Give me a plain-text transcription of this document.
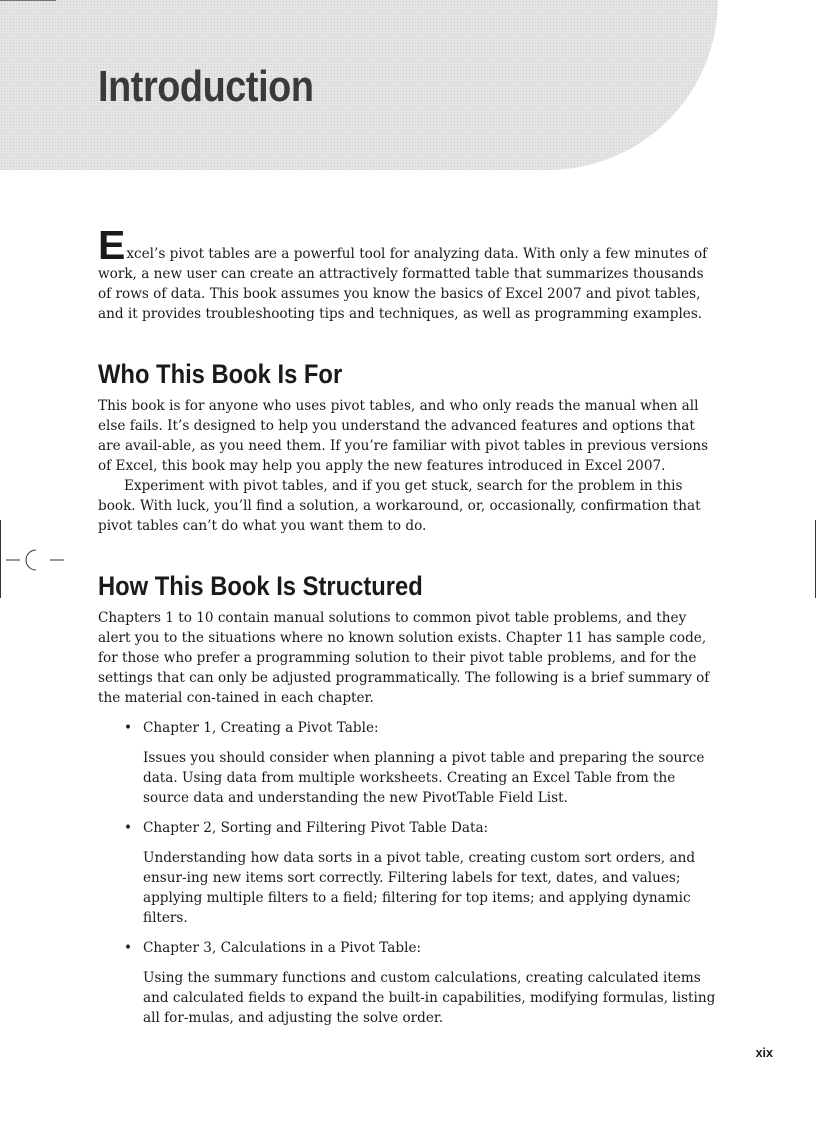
Introduction

Excel’s pivot tables are a powerful tool for analyzing data. With only a few minutes of work, a new user can create an attractively formatted table that summarizes thousands of rows of data. This book assumes you know the basics of Excel 2007 and pivot tables, and it provides troubleshooting tips and techniques, as well as programming examples.

Who This Book Is For

This book is for anyone who uses pivot tables, and who only reads the manual when all else fails. It’s designed to help you understand the advanced features and options that are avail-able, as you need them. If you’re familiar with pivot tables in previous versions of Excel, this book may help you apply the new features introduced in Excel 2007.

Experiment with pivot tables, and if you get stuck, search for the problem in this book. With luck, you’ll find a solution, a workaround, or, occasionally, confirmation that pivot tables can’t do what you want them to do.

How This Book Is Structured

Chapters 1 to 10 contain manual solutions to common pivot table problems, and they alert you to the situations where no known solution exists. Chapter 11 has sample code, for those who prefer a programming solution to their pivot table problems, and for the settings that can only be adjusted programmatically. The following is a brief summary of the material con-tained in each chapter.

• Chapter 1, Creating a Pivot Table:
Issues you should consider when planning a pivot table and preparing the source data. Using data from multiple worksheets. Creating an Excel Table from the source data and understanding the new PivotTable Field List.
• Chapter 2, Sorting and Filtering Pivot Table Data:
Understanding how data sorts in a pivot table, creating custom sort orders, and ensur-ing new items sort correctly. Filtering labels for text, dates, and values; applying multiple filters to a field; filtering for top items; and applying dynamic filters.
• Chapter 3, Calculations in a Pivot Table:
Using the summary functions and custom calculations, creating calculated items and calculated fields to expand the built-in capabilities, modifying formulas, listing all for-mulas, and adjusting the solve order.
xix
